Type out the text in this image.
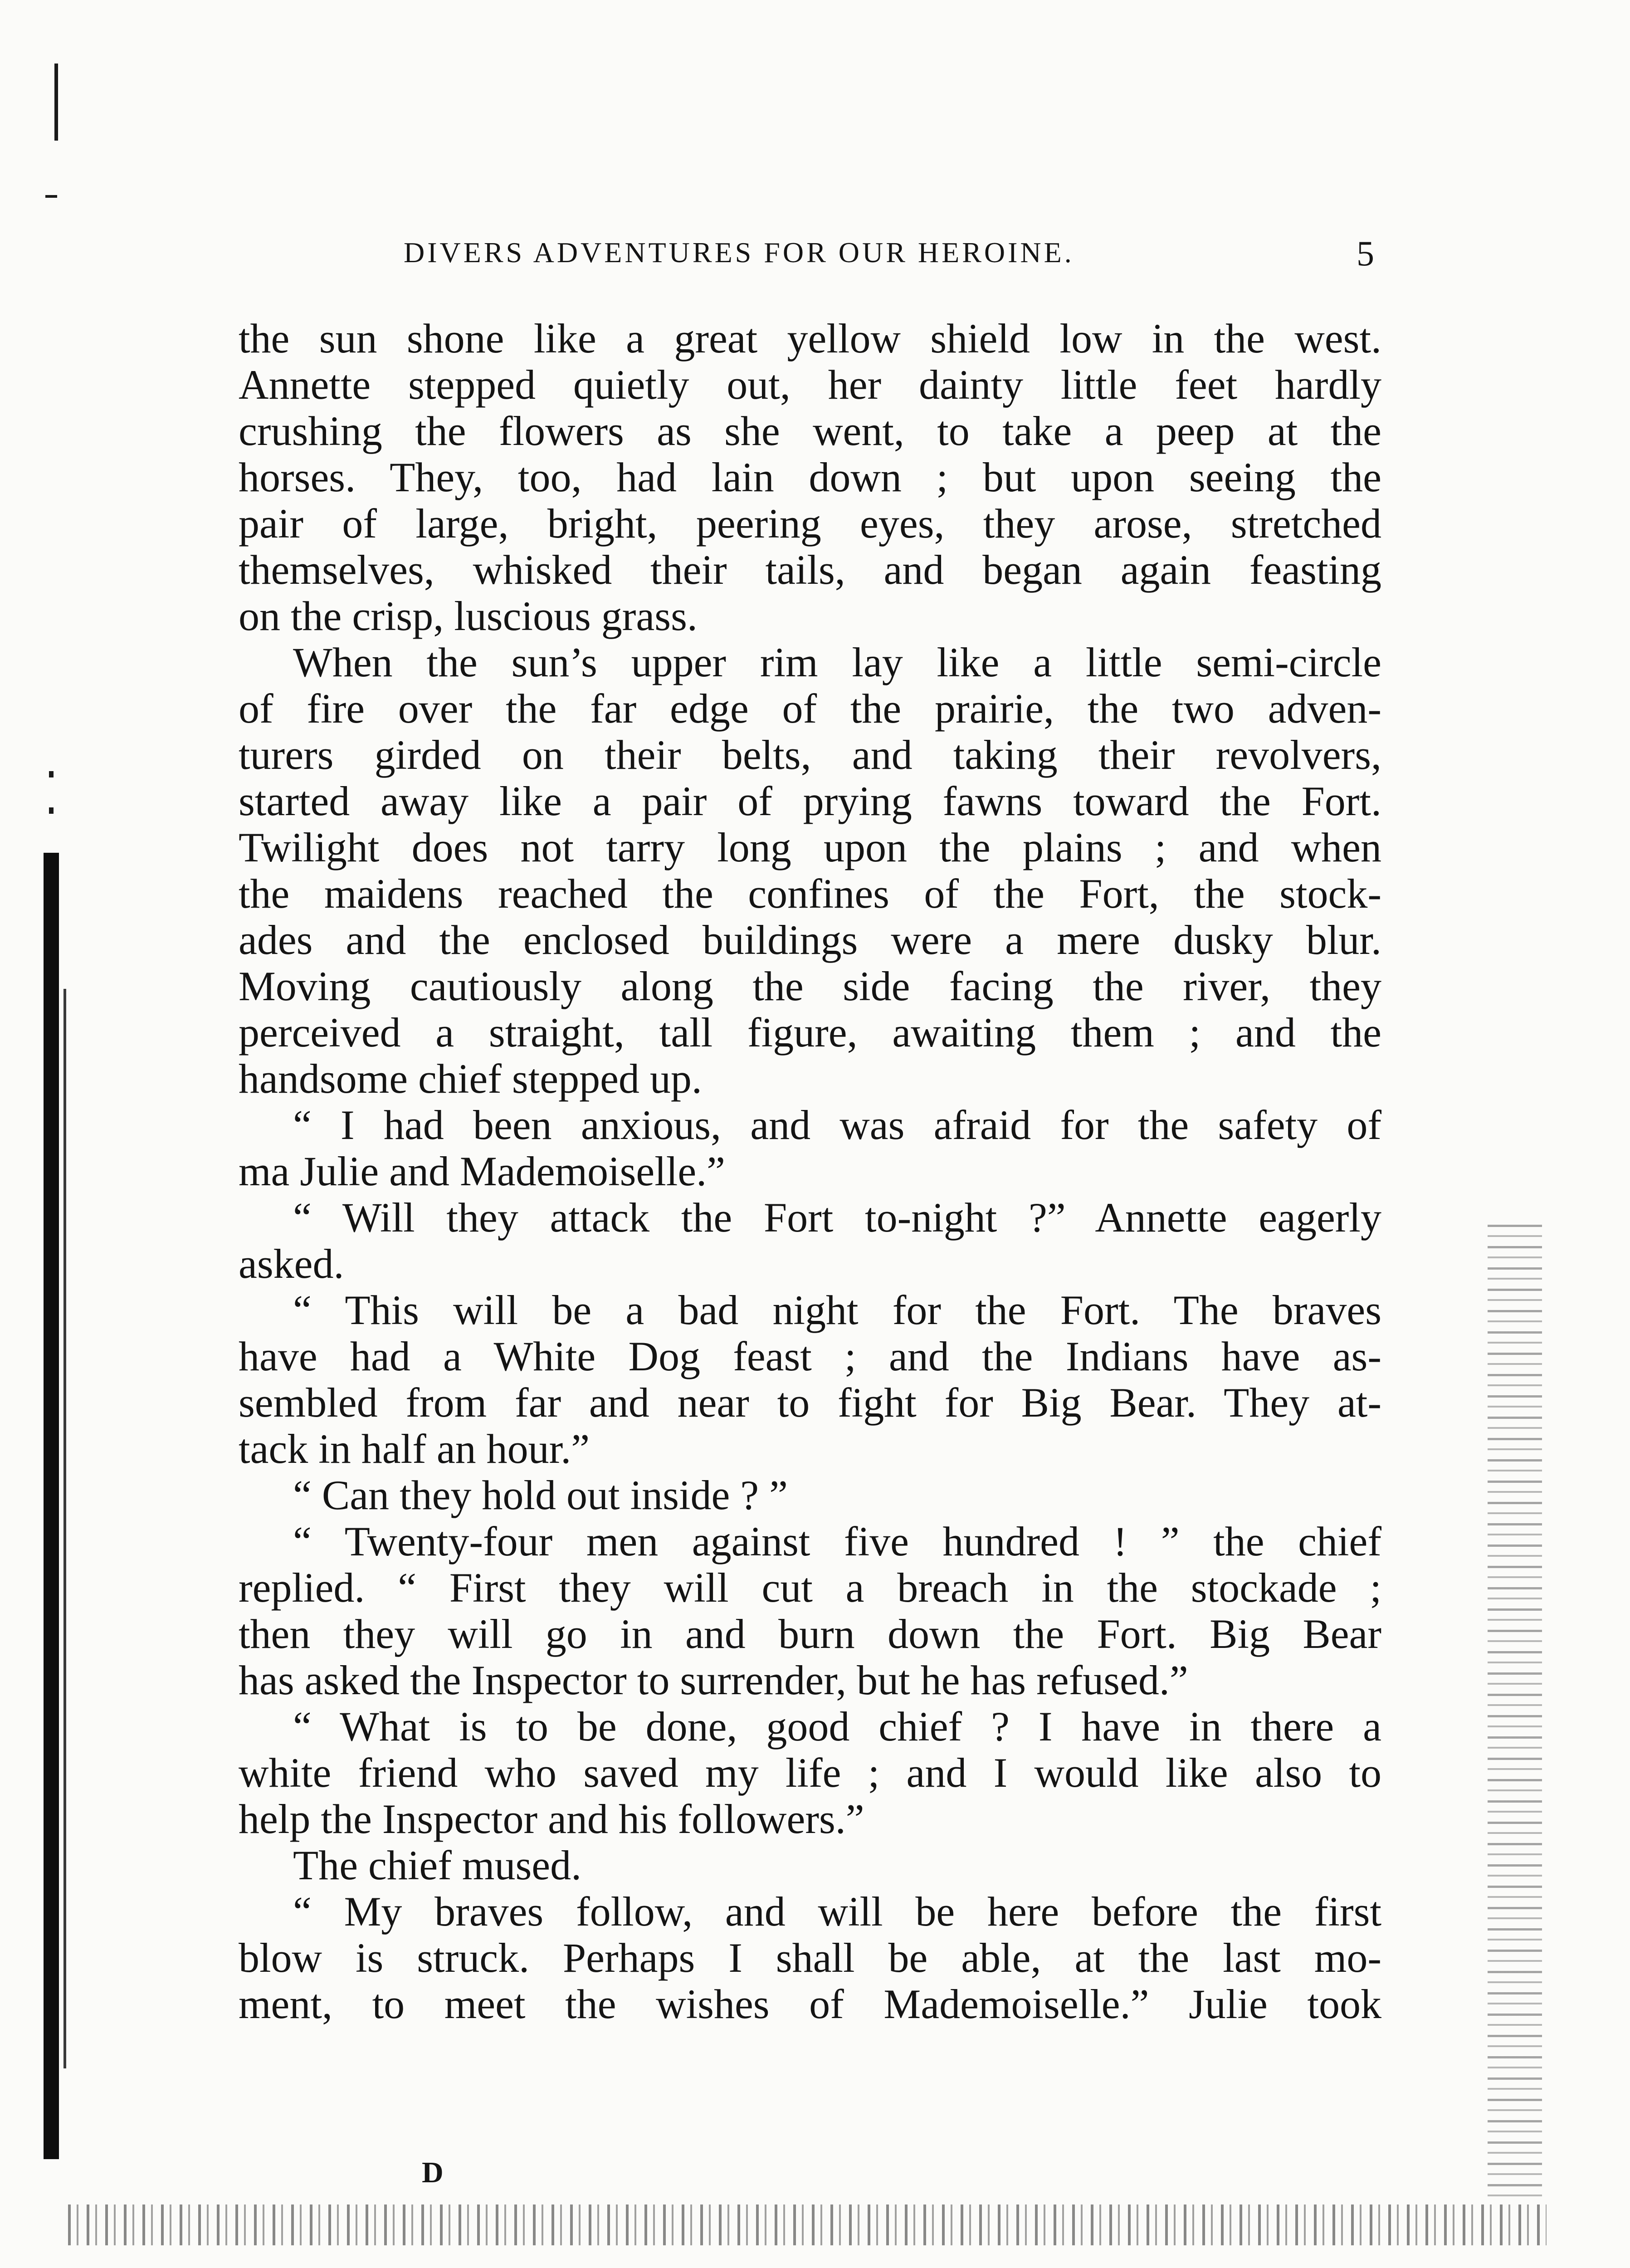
DIVERS ADVENTURES FOR OUR HEROINE.	5
the sun shone like a great yellow shield low in the west.
Annette stepped quietly out, her dainty little feet hardly
crushing the flowers as she went, to take a peep at the
horses. They, too, had lain down ; but upon seeing the
pair of large, bright, peering eyes, they arose, stretched
themselves, whisked their tails, and began again feasting
on the crisp, luscious grass.
When the sun’s upper rim lay like a little semi-circle
of fire over the far edge of the prairie, the two adven-
turers girded on their belts, and taking their revolvers,
started away like a pair of prying fawns toward the Fort.
Twilight does not tarry long upon the plains ; and when
the maidens reached the confines of the Fort, the stock-
ades and the enclosed buildings were a mere dusky blur.
Moving cautiously along the side facing the river, they
perceived a straight, tall figure, awaiting them ; and the
handsome chief stepped up.
“ I had been anxious, and was afraid for the safety of
ma Julie and Mademoiselle.”
“ Will they attack the Fort to-night ?” Annette eagerly
asked.
“ This will be a bad night for the Fort. The braves
have had a White Dog feast ; and the Indians have as-
sembled from far and near to fight for Big Bear. They at-
tack in half an hour.”
“ Can they hold out inside ? ”
“ Twenty-four men against five hundred ! ” the chief
replied. “ First they will cut a breach in the stockade ;
then they will go in and burn down the Fort. Big Bear
has asked the Inspector to surrender, but he has refused.”
“ What is to be done, good chief ? I have in there a
white friend who saved my life ; and I would like also to
help the Inspector and his followers.”
The chief mused.
“ My braves follow, and will be here before the first
blow is struck. Perhaps I shall be able, at the last mo-
ment, to meet the wishes of Mademoiselle.” Julie took
D
